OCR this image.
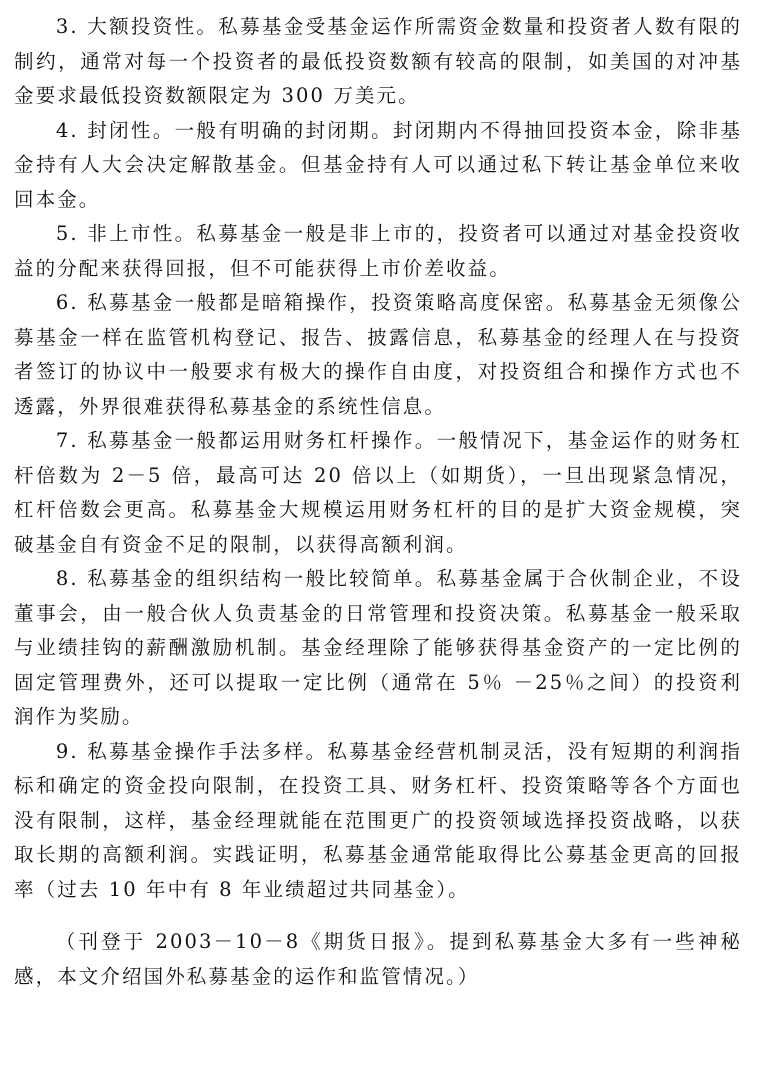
3. 大额投资性。私募基金受基金运作所需资金数量和投资者人数有限的制约，通常对每一个投资者的最低投资数额有较高的限制，如美国的对冲基金要求最低投资数额限定为 300 万美元。

4. 封闭性。一般有明确的封闭期。封闭期内不得抽回投资本金，除非基金持有人大会决定解散基金。但基金持有人可以通过私下转让基金单位来收回本金。

5. 非上市性。私募基金一般是非上市的，投资者可以通过对基金投资收益的分配来获得回报，但不可能获得上市价差收益。

6. 私募基金一般都是暗箱操作，投资策略高度保密。私募基金无须像公募基金一样在监管机构登记、报告、披露信息，私募基金的经理人在与投资者签订的协议中一般要求有极大的操作自由度，对投资组合和操作方式也不透露，外界很难获得私募基金的系统性信息。

7. 私募基金一般都运用财务杠杆操作。一般情况下，基金运作的财务杠杆倍数为 2－5 倍，最高可达 20 倍以上（如期货），一旦出现紧急情况，杠杆倍数会更高。私募基金大规模运用财务杠杆的目的是扩大资金规模，突破基金自有资金不足的限制，以获得高额利润。

8. 私募基金的组织结构一般比较简单。私募基金属于合伙制企业，不设董事会，由一般合伙人负责基金的日常管理和投资决策。私募基金一般采取与业绩挂钩的薪酬激励机制。基金经理除了能够获得基金资产的一定比例的固定管理费外，还可以提取一定比例（通常在 5％ －25％之间）的投资利润作为奖励。

9. 私募基金操作手法多样。私募基金经营机制灵活，没有短期的利润指标和确定的资金投向限制，在投资工具、财务杠杆、投资策略等各个方面也没有限制，这样，基金经理就能在范围更广的投资领域选择投资战略，以获取长期的高额利润。实践证明，私募基金通常能取得比公募基金更高的回报率（过去 10 年中有 8 年业绩超过共同基金）。

（刊登于 2003－10－8《期货日报》。提到私募基金大多有一些神秘感，本文介绍国外私募基金的运作和监管情况。）
